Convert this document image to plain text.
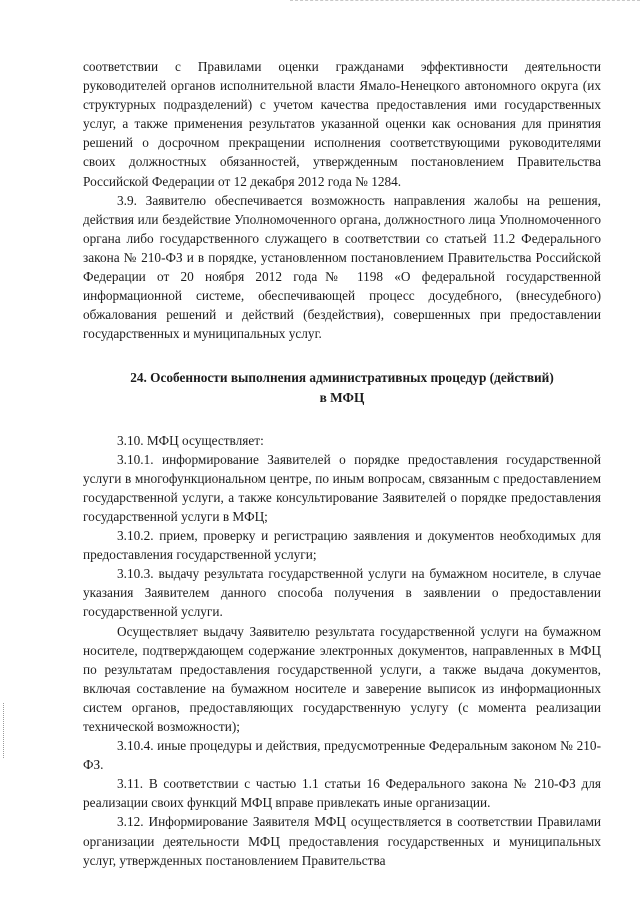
соответствии с Правилами оценки гражданами эффективности деятельности руководителей органов исполнительной власти Ямало-Ненецкого автономного округа (их структурных подразделений) с учетом качества предоставления ими государственных услуг, а также применения результатов указанной оценки как основания для принятия решений о досрочном прекращении исполнения соответствующими руководителями своих должностных обязанностей, утвержденным постановлением Правительства Российской Федерации от 12 декабря 2012 года № 1284.

3.9. Заявителю обеспечивается возможность направления жалобы на решения, действия или бездействие Уполномоченного органа, должностного лица Уполномоченного органа либо государственного служащего в соответствии со статьей 11.2 Федерального закона № 210-ФЗ и в порядке, установленном постановлением Правительства Российской Федерации от 20 ноября 2012 года№ 1198 «О федеральной государственной информационной системе, обеспечивающей процесс досудебного, (внесудебного) обжалования решений и действий (бездействия), совершенных при предоставлении государственных и муниципальных услуг.

24. Особенности выполнения административных процедур (действий)
в МФЦ

3.10. МФЦ осуществляет:

3.10.1. информирование Заявителей о порядке предоставления государственной услуги в многофункциональном центре, по иным вопросам, связанным с предоставлением государственной услуги, а также консультирование Заявителей о порядке предоставления государственной услуги в МФЦ;

3.10.2. прием, проверку и регистрацию заявления и документов необходимых для предоставления государственной услуги;

3.10.3. выдачу результата государственной услуги на бумажном носителе, в случае указания Заявителем данного способа получения в заявлении о предоставлении государственной услуги.

Осуществляет выдачу Заявителю результата государственной услуги на бумажном носителе, подтверждающем содержание электронных документов, направленных в МФЦ по результатам предоставления государственной услуги, а также выдача документов, включая составление на бумажном носителе и заверение выписок из информационных систем органов, предоставляющих государственную услугу (с момента реализации технической возможности);

3.10.4. иные процедуры и действия, предусмотренные Федеральным законом № 210-ФЗ.

3.11. В соответствии с частью 1.1 статьи 16 Федерального закона № 210-ФЗ для реализации своих функций МФЦ вправе привлекать иные организации.

3.12. Информирование Заявителя МФЦ осуществляется в соответствии Правилами организации деятельности МФЦ предоставления государственных и муниципальных услуг, утвержденных постановлением Правительства
